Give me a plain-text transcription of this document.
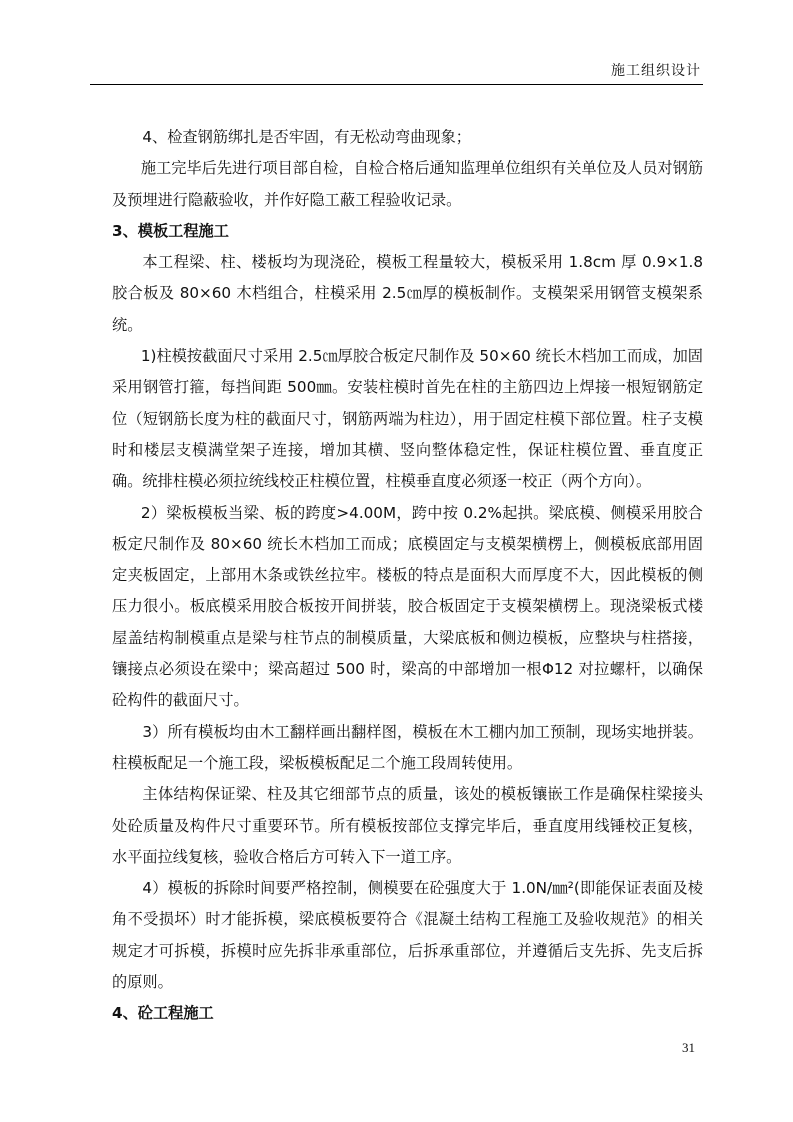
施工组织设计

4、检查钢筋绑扎是否牢固，有无松动弯曲现象；

施工完毕后先进行项目部自检，自检合格后通知监理单位组织有关单位及人员对钢筋及预埋进行隐蔽验收，并作好隐工蔽工程验收记录。

3、模板工程施工

本工程梁、柱、楼板均为现浇砼，模板工程量较大，模板采用 1.8cm 厚 0.9×1.8 胶合板及 80×60 木档组合，柱模采用 2.5㎝厚的模板制作。支模架采用钢管支模架系统。

1)柱模按截面尺寸采用 2.5㎝厚胶合板定尺制作及 50×60 统长木档加工而成，加固采用钢管打箍，每挡间距 500㎜。安装柱模时首先在柱的主筋四边上焊接一根短钢筋定位（短钢筋长度为柱的截面尺寸，钢筋两端为柱边），用于固定柱模下部位置。柱子支模时和楼层支模满堂架子连接，增加其横、竖向整体稳定性，保证柱模位置、垂直度正确。统排柱模必须拉统线校正柱模位置，柱模垂直度必须逐一校正（两个方向）。

2）梁板模板当梁、板的跨度>4.00M，跨中按 0.2%起拱。梁底模、侧模采用胶合板定尺制作及 80×60 统长木档加工而成；底模固定与支模架横楞上，侧模板底部用固定夹板固定，上部用木条或铁丝拉牢。楼板的特点是面积大而厚度不大，因此模板的侧压力很小。板底模采用胶合板按开间拼装，胶合板固定于支模架横楞上。现浇梁板式楼屋盖结构制模重点是梁与柱节点的制模质量，大梁底板和侧边模板，应整块与柱搭接，镶接点必须设在梁中；梁高超过 500 时，梁高的中部增加一根Φ12 对拉螺杆，以确保砼构件的截面尺寸。

3）所有模板均由木工翻样画出翻样图，模板在木工棚内加工预制，现场实地拼装。柱模板配足一个施工段，梁板模板配足二个施工段周转使用。

主体结构保证梁、柱及其它细部节点的质量，该处的模板镶嵌工作是确保柱梁接头处砼质量及构件尺寸重要环节。所有模板按部位支撑完毕后，垂直度用线锤校正复核，水平面拉线复核，验收合格后方可转入下一道工序。

4）模板的拆除时间要严格控制，侧模要在砼强度大于 1.0N/㎜²(即能保证表面及棱角不受损坏）时才能拆模，梁底模板要符合《混凝土结构工程施工及验收规范》的相关规定才可拆模，拆模时应先拆非承重部位，后拆承重部位，并遵循后支先拆、先支后拆的原则。

4、砼工程施工

31
